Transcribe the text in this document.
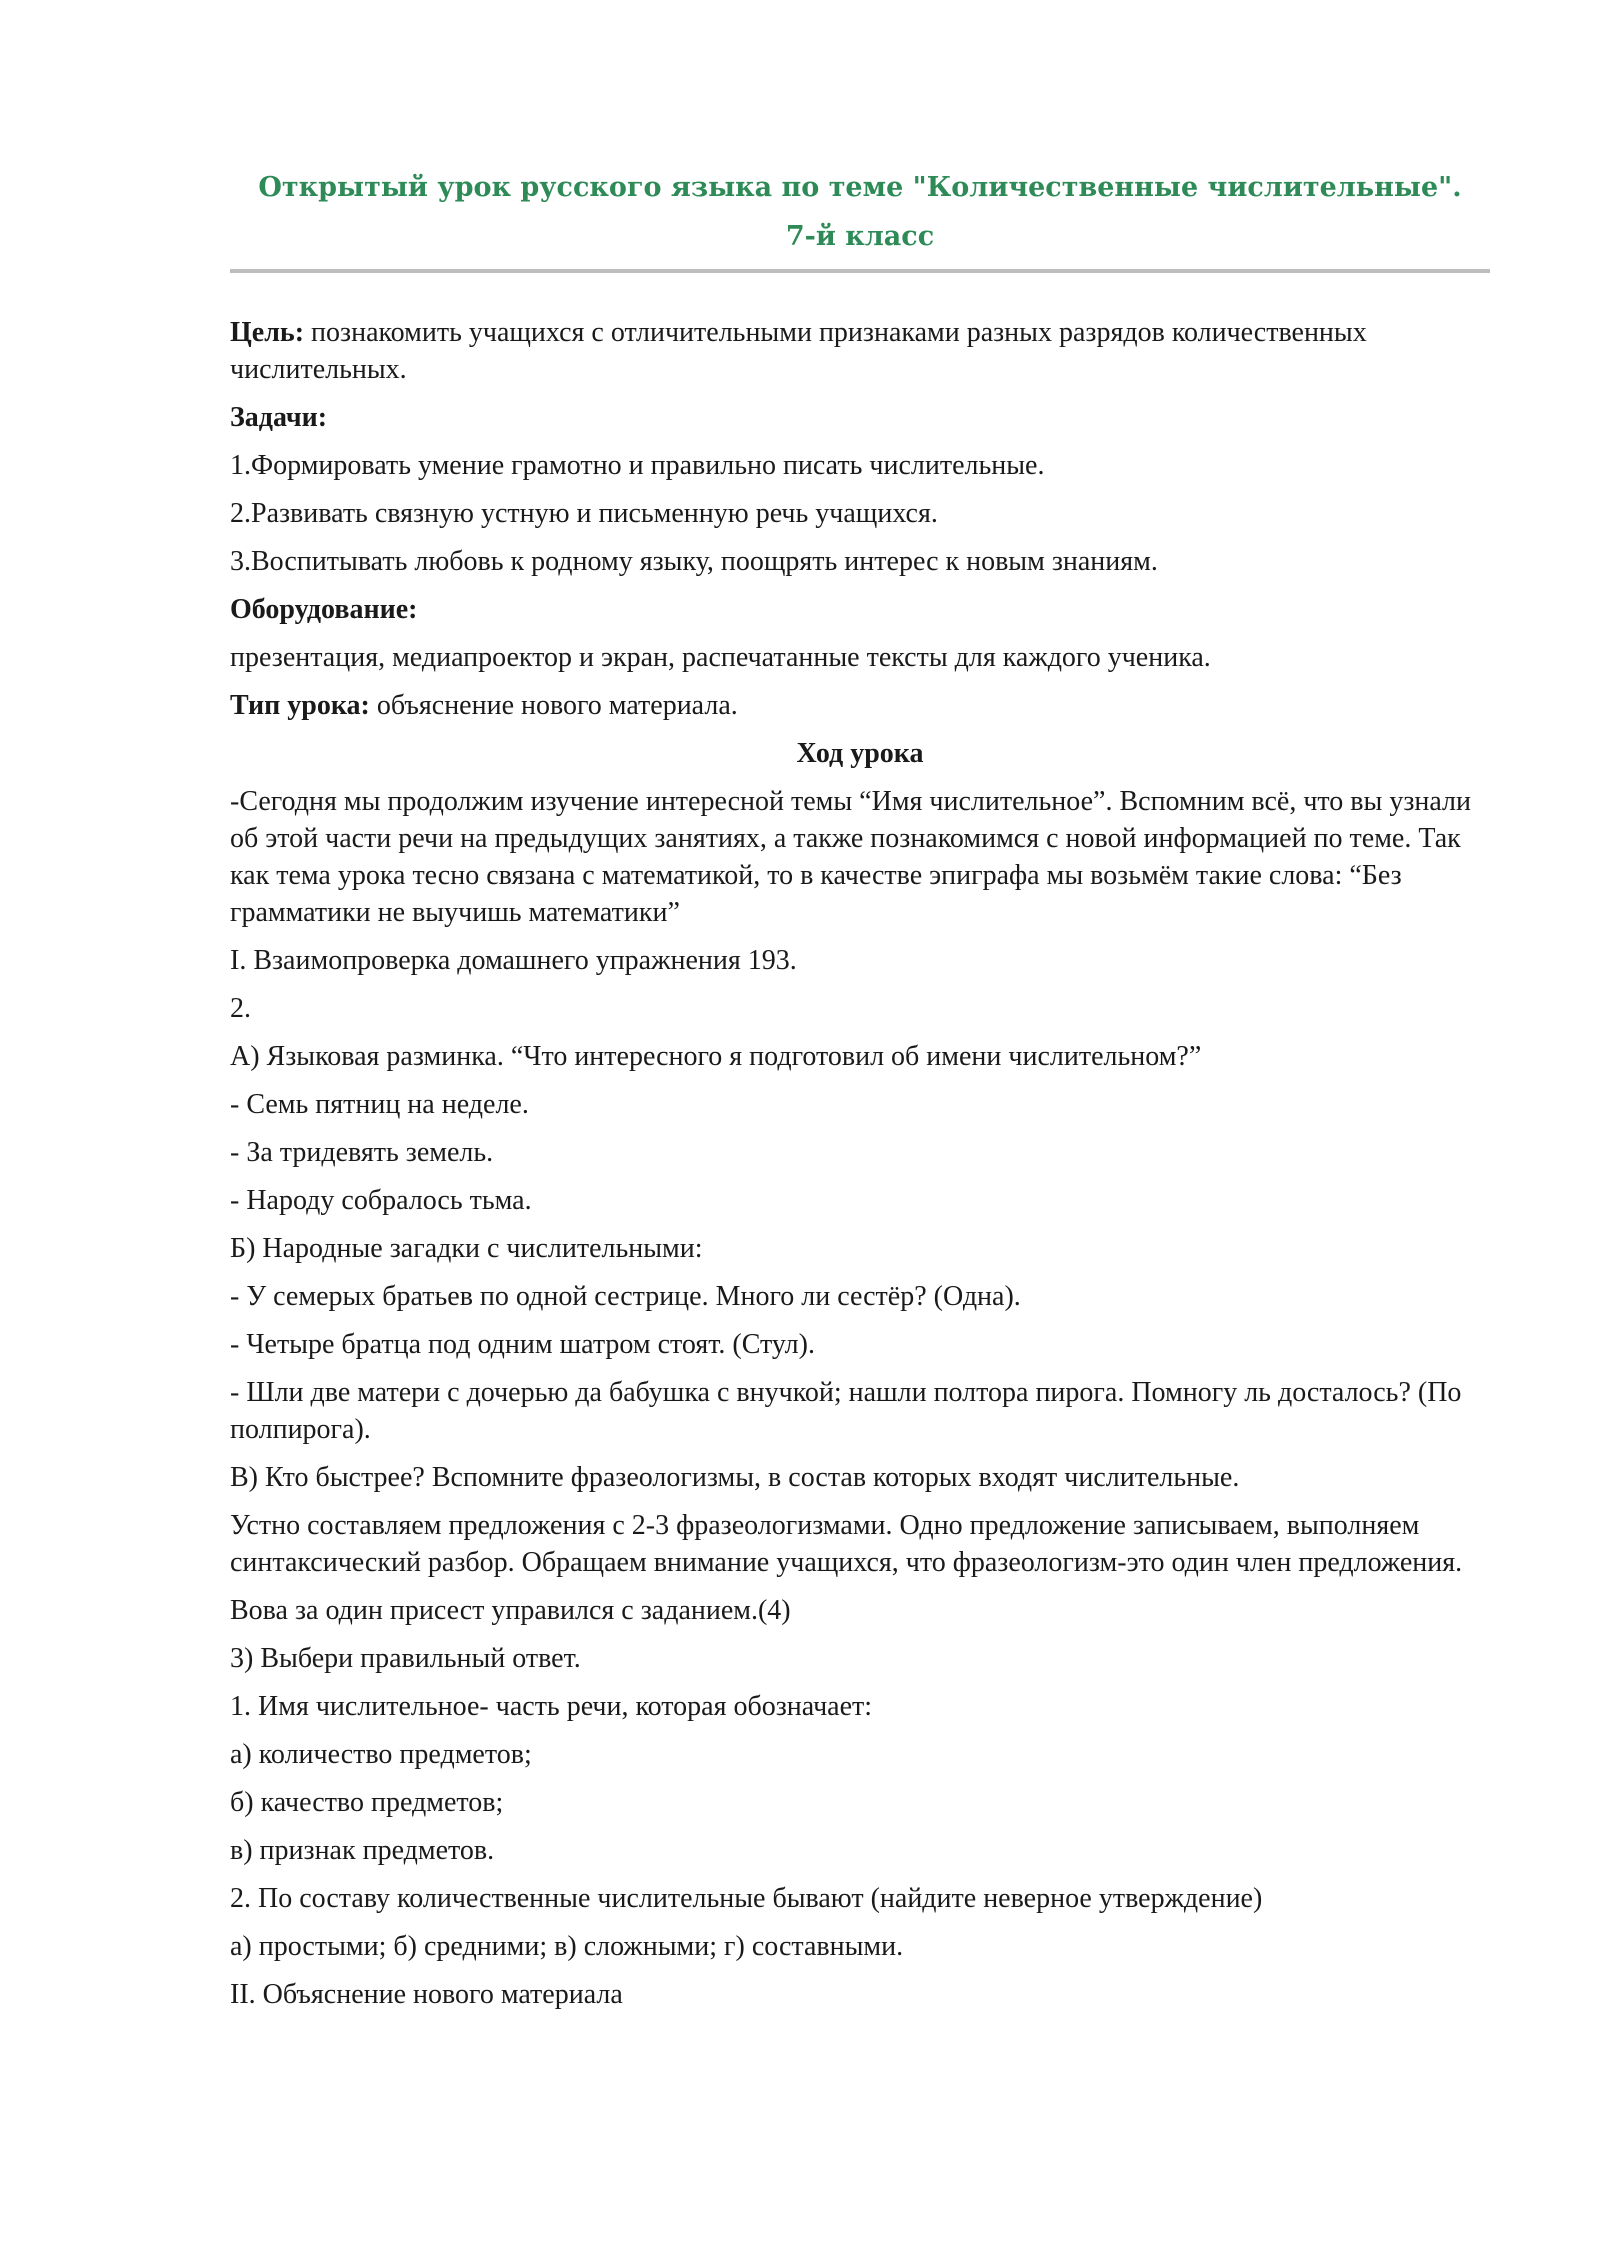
Открытый урок русского языка по теме "Количественные числительные".
7-й класс

Цель: познакомить учащихся с отличительными признаками разных разрядов количественных числительных.

Задачи:

1.Формировать умение грамотно и правильно писать числительные.

2.Развивать связную устную и письменную речь учащихся.

3.Воспитывать любовь к родному языку, поощрять интерес к новым знаниям.

Оборудование:

презентация, медиапроектор и экран, распечатанные тексты для каждого ученика.

Тип урока: объяснение нового материала.

Ход урока

-Сегодня мы продолжим изучение интересной темы “Имя числительное”. Вспомним всё, что вы узнали об этой части речи на предыдущих занятиях, а также познакомимся с новой информацией по теме. Так как тема урока тесно связана с математикой, то в качестве эпиграфа мы возьмём такие слова: “Без грамматики не выучишь математики”

I. Взаимопроверка домашнего упражнения 193.

2.

А) Языковая разминка. “Что интересного я подготовил об имени числительном?”

- Семь пятниц на неделе.

- За тридевять земель.

- Народу собралось тьма.

Б) Народные загадки с числительными:

- У семерых братьев по одной сестрице. Много ли сестёр? (Одна).

- Четыре братца под одним шатром стоят. (Стул).

- Шли две матери с дочерью да бабушка с внучкой; нашли полтора пирога. Помногу ль досталось? (По полпирога).

В) Кто быстрее? Вспомните фразеологизмы, в состав которых входят числительные.

Устно составляем предложения с 2-3 фразеологизмами. Одно предложение записываем, выполняем синтаксический разбор. Обращаем внимание учащихся, что фразеологизм-это один член предложения.

Вова за один присест управился с заданием.(4)

3) Выбери правильный ответ.

1. Имя числительное- часть речи, которая обозначает:

а) количество предметов;

б) качество предметов;

в) признак предметов.

2. По составу количественные числительные бывают (найдите неверное утверждение)

а) простыми; б) средними; в) сложными; г) составными.

II. Объяснение нового материала
